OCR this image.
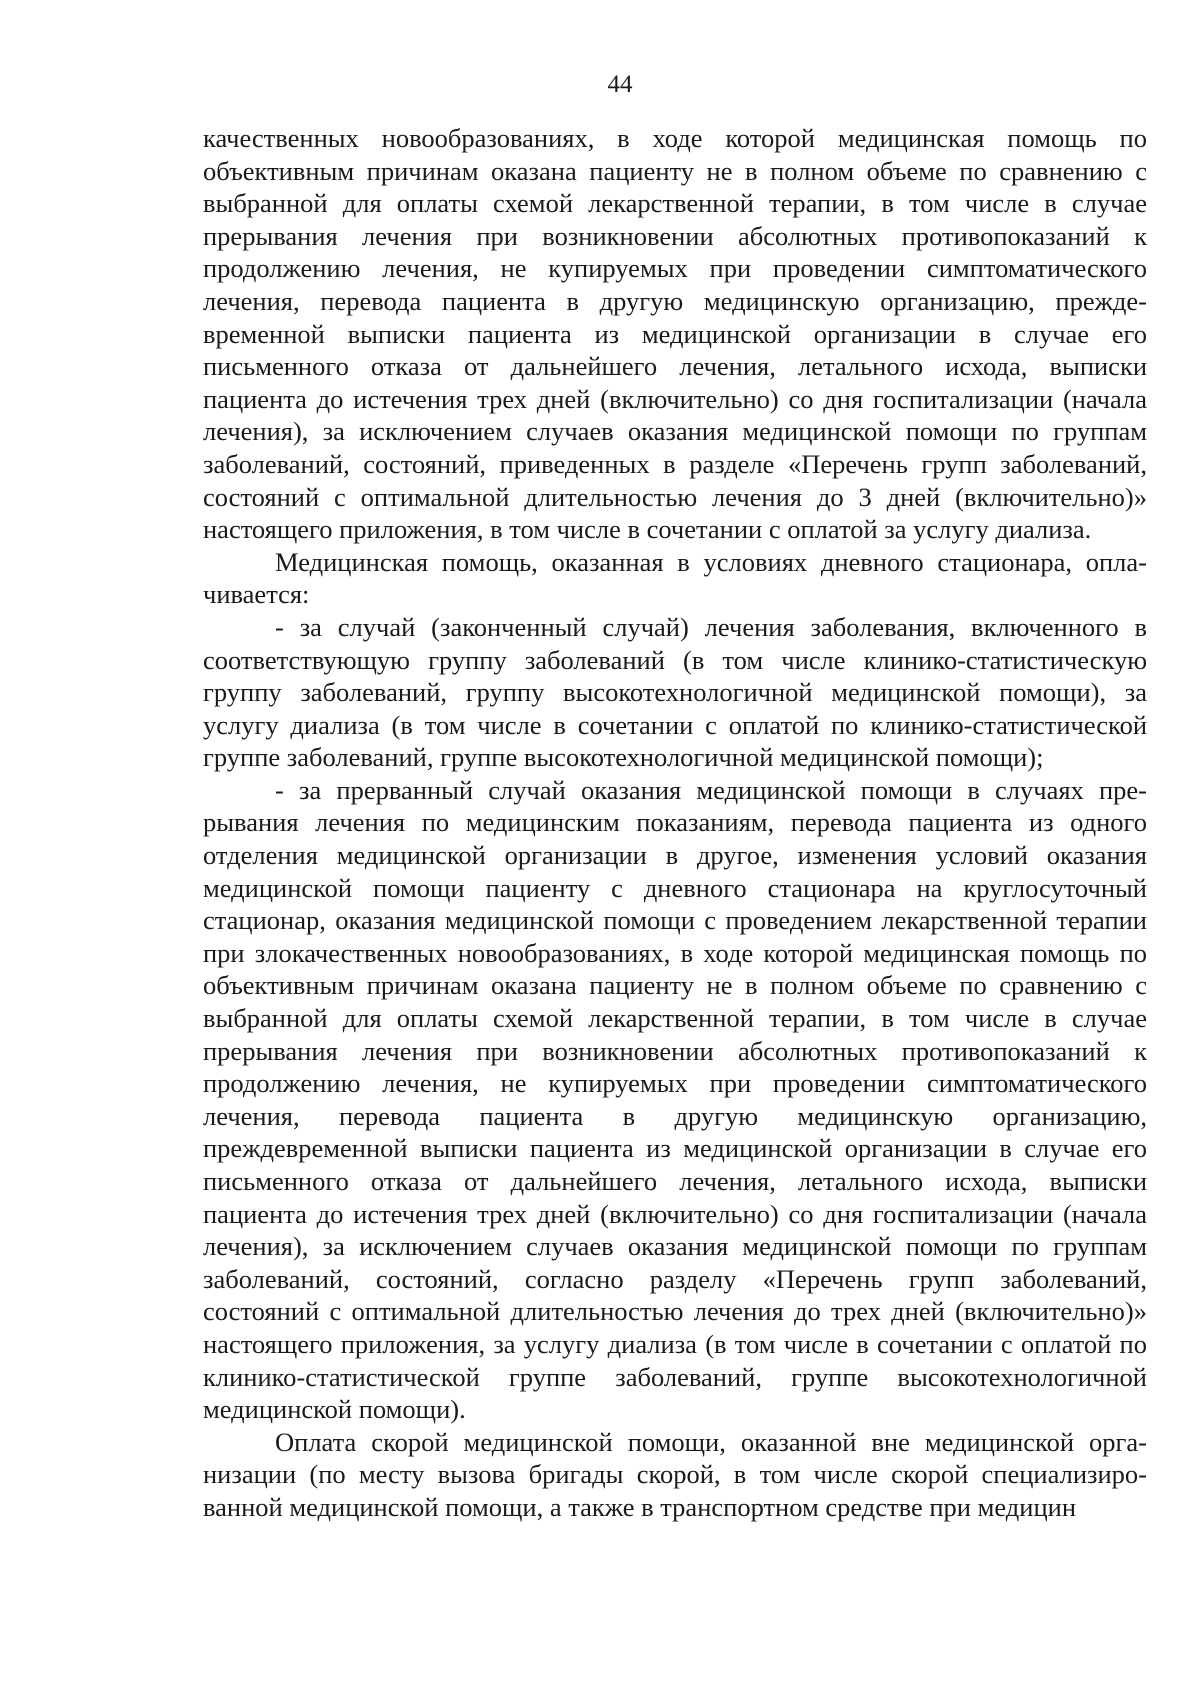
44

качественных новообразованиях, в ходе которой медицинская помощь по объективным причинам оказана пациенту не в полном объеме по сравнению с выбранной для оплаты схемой лекарственной терапии, в том числе в случае прерывания лечения при возникновении абсолютных противопоказаний к продолжению лечения, не купируемых при проведении симптоматического лечения, перевода пациента в другую медицинскую организацию, преждевременной выписки пациента из медицинской организации в случае его письменного отказа от дальнейшего лечения, летального исхода, выписки пациента до истечения трех дней (включительно) со дня госпитализации (начала лечения), за исключением случаев оказания медицинской помощи по группам заболеваний, состояний, приведенных в разделе «Перечень групп заболеваний, состояний с оптимальной длительностью лечения до 3 дней (включительно)» настоящего приложения, в том числе в сочетании с оплатой за услугу диализа.

Медицинская помощь, оказанная в условиях дневного стационара, оплачивается:

- за случай (законченный случай) лечения заболевания, включенного в соответствующую группу заболеваний (в том числе клинико-статистическую группу заболеваний, группу высокотехнологичной медицинской помощи), за услугу диализа (в том числе в сочетании с оплатой по клинико-статистической группе заболеваний, группе высокотехнологичной медицинской помощи);

- за прерванный случай оказания медицинской помощи в случаях прерывания лечения по медицинским показаниям, перевода пациента из одного отделения медицинской организации в другое, изменения условий оказания медицинской помощи пациенту с дневного стационара на круглосуточный стационар, оказания медицинской помощи с проведением лекарственной терапии при злокачественных новообразованиях, в ходе которой медицинская помощь по объективным причинам оказана пациенту не в полном объеме по сравнению с выбранной для оплаты схемой лекарственной терапии, в том числе в случае прерывания лечения при возникновении абсолютных противопоказаний к продолжению лечения, не купируемых при проведении симптоматического лечения, перевода пациента в другую медицинскую организацию, преждевременной выписки пациента из медицинской организации в случае его письменного отказа от дальнейшего лечения, летального исхода, выписки пациента до истечения трех дней (включительно) со дня госпитализации (начала лечения), за исключением случаев оказания медицинской помощи по группам заболеваний, состояний, согласно разделу «Перечень групп заболеваний, состояний с оптимальной длительностью лечения до трех дней (включительно)» настоящего приложения, за услугу диализа (в том числе в сочетании с оплатой по клинико-статистической группе заболеваний, группе высокотехнологичной медицинской помощи).

Оплата скорой медицинской помощи, оказанной вне медицинской организации (по месту вызова бригады скорой, в том числе скорой специализированной медицинской помощи, а также в транспортном средстве при медицин
